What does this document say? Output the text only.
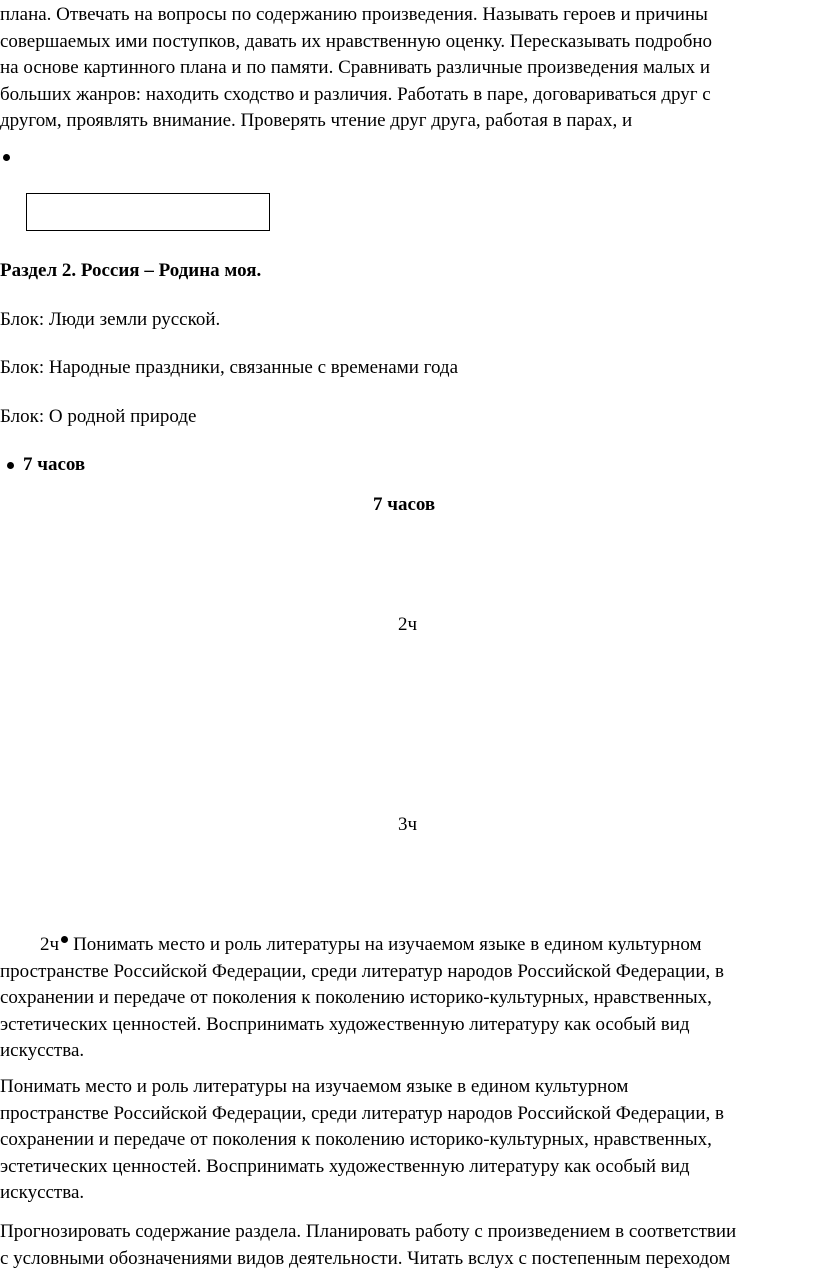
плана. Отвечать на вопросы по содержанию произведения. Называть героев и причины
совершаемых ими поступков, давать их нравственную оценку. Пересказывать подробно
на основе картинного плана и по памяти. Сравнивать различные произведения малых и
больших жанров: находить сходство и различия. Работать в паре, договариваться друг с
другом, проявлять внимание. Проверять чтение друг друга, работая в парах, и
Раздел 2. Россия – Родина моя.
Блок: Люди земли русской.
Блок: Народные праздники, связанные с временами года
Блок: О родной природе
7 часов
7 часов
2ч
3ч
2ч Понимать место и роль литературы на изучаемом языке в едином культурном
пространстве Российской Федерации, среди литератур народов Российской Федерации, в
сохранении и передаче от поколения к поколению историко-культурных, нравственных,
эстетических ценностей. Воспринимать художественную литературу как особый вид
искусства.
Понимать место и роль литературы на изучаемом языке в едином культурном
пространстве Российской Федерации, среди литератур народов Российской Федерации, в
сохранении и передаче от поколения к поколению историко-культурных, нравственных,
эстетических ценностей. Воспринимать художественную литературу как особый вид
искусства.
Прогнозировать содержание раздела. Планировать работу с произведением в соответствии
с условными обозначениями видов деятельности. Читать вслух с постепенным переходом
